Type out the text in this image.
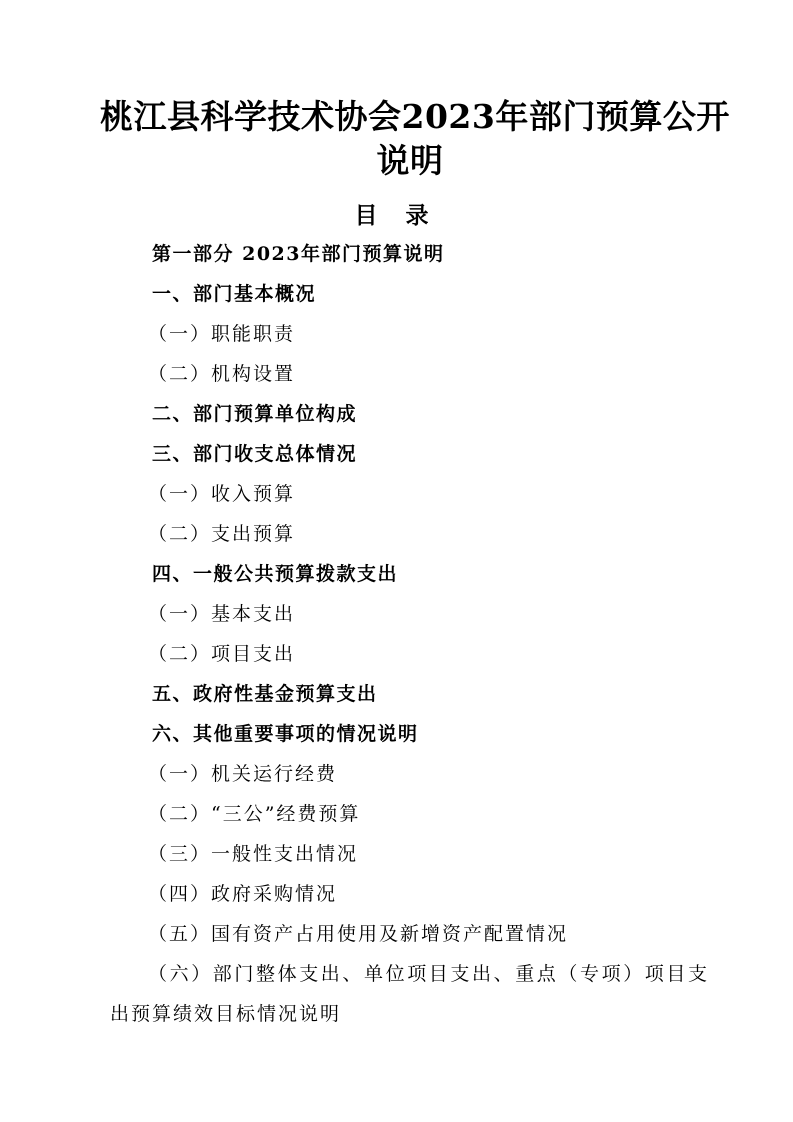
桃江县科学技术协会2023年部门预算公开
说明
目 录
第一部分 2023年部门预算说明
一、部门基本概况
（一）职能职责
（二）机构设置
二、部门预算单位构成
三、部门收支总体情况
（一）收入预算
（二）支出预算
四、一般公共预算拨款支出
（一）基本支出
（二）项目支出
五、政府性基金预算支出
六、其他重要事项的情况说明
（一）机关运行经费
（二）“三公”经费预算
（三）一般性支出情况
（四）政府采购情况
（五）国有资产占用使用及新增资产配置情况
（六）部门整体支出、单位项目支出、重点（专项）项目支
出预算绩效目标情况说明
